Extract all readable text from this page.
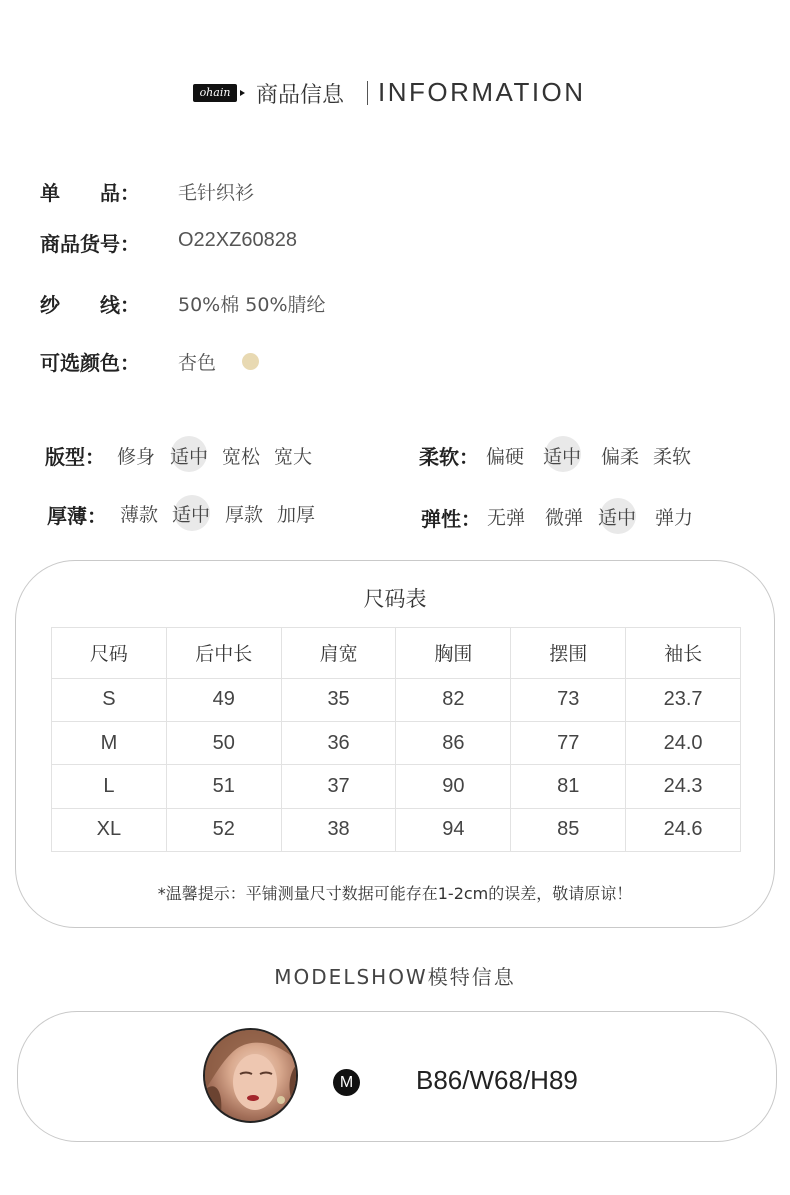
ohain 商品信息 INFORMATION
单　　品： 毛针织衫
商品货号： O22XZ60828
纱　　线： 50%棉 50%腈纶
可选颜色： 杏色
版型： 修身 适中 宽松 宽大	柔软： 偏硬 适中 偏柔 柔软
厚薄： 薄款 适中 厚款 加厚	弹性： 无弹 微弹 适中 弹力
尺码表
尺码	后中长	肩宽	胸围	摆围	袖长
S	49	35	82	73	23.7
M	50	36	86	77	24.0
L	51	37	90	81	24.3
XL	52	38	94	85	24.6
*温馨提示：平铺测量尺寸数据可能存在1-2cm的误差，敬请原谅！
MODELSHOW模特信息
M B86/W68/H89
